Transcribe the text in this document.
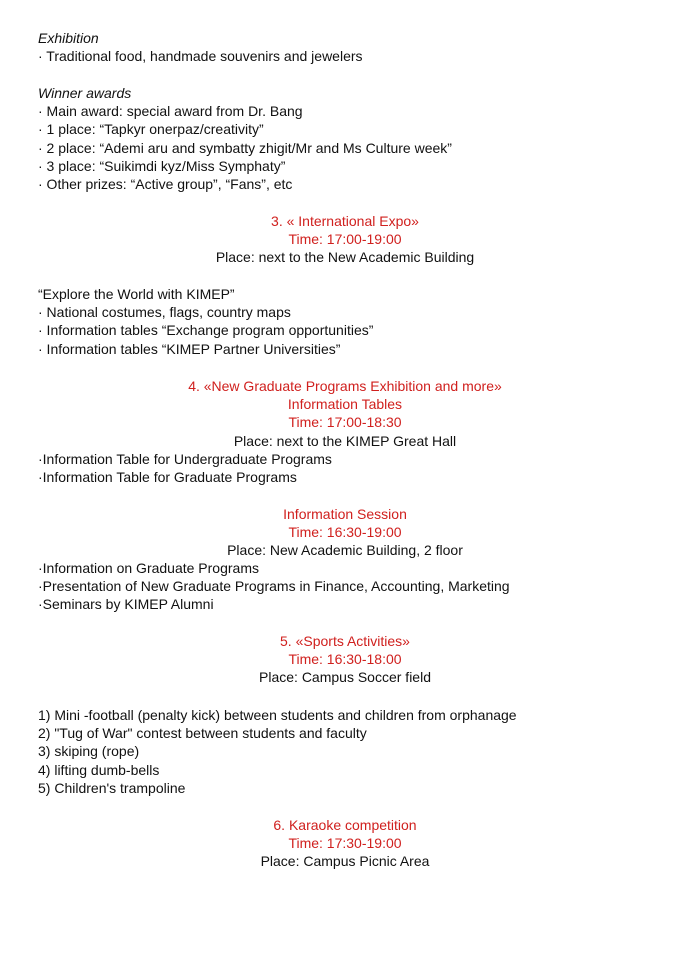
Exhibition
· Traditional food, handmade souvenirs and jewelers
Winner awards
· Main award: special award from Dr. Bang
· 1 place: “Tapkyr onerpaz/creativity”
· 2 place: “Ademi aru and symbatty zhigit/Mr and Ms Culture week”
· 3 place: “Suikimdi kyz/Miss Symphaty”
· Other prizes: “Active group”, “Fans”, etc
3. « International Expo»
Time: 17:00-19:00
Place: next to the New Academic Building
“Explore the World with KIMEP”
· National costumes, flags, country maps
· Information tables “Exchange program opportunities”
· Information tables “KIMEP Partner Universities”
4. «New Graduate Programs Exhibition and more»
Information Tables
Time: 17:00-18:30
Place: next to the KIMEP Great Hall
·Information Table for Undergraduate Programs
·Information Table for Graduate Programs
Information Session
Time: 16:30-19:00
Place: New Academic Building, 2 floor
·Information on Graduate Programs
·Presentation of New Graduate Programs in Finance, Accounting, Marketing
·Seminars by KIMEP Alumni
5. «Sports Activities»
Time: 16:30-18:00
Place: Campus Soccer field
1) Mini -football (penalty kick) between students and children from orphanage
2) "Tug of War" contest between students and faculty
3) skiping (rope)
4) lifting dumb-bells
5) Children's trampoline
6. Karaoke competition
Time: 17:30-19:00
Place: Campus Picnic Area
